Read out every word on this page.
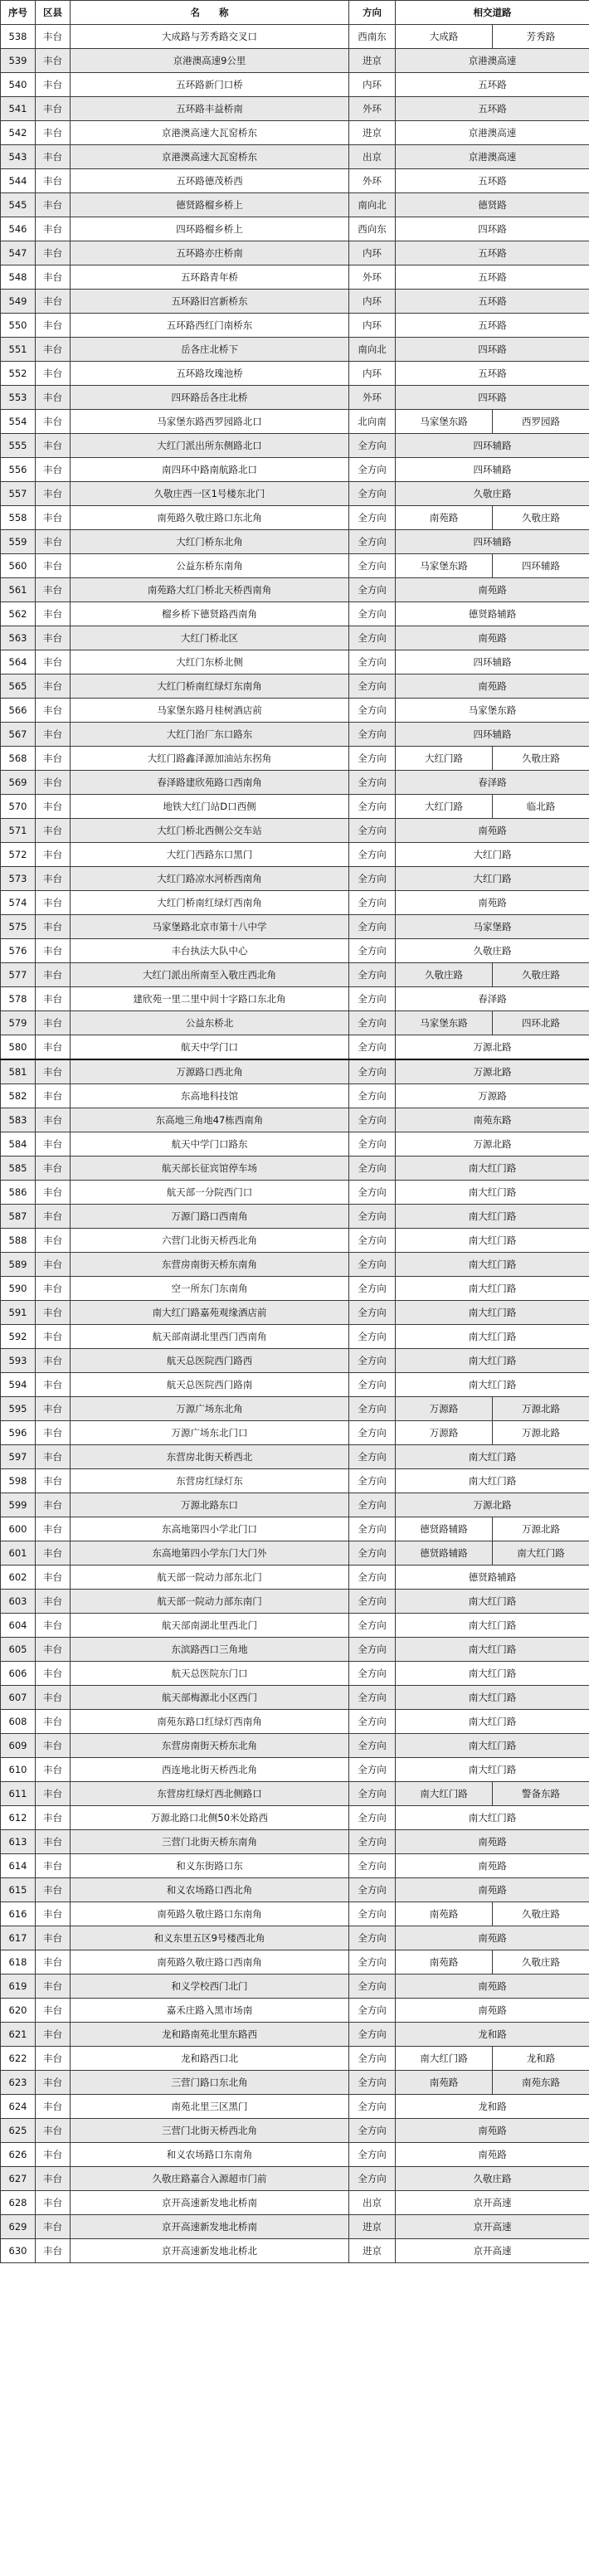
序号	区县	名　　称	方向	相交道路	
538	丰台	大成路与芳秀路交叉口	西南东	大成路	芳秀路
539	丰台	京港澳高速9公里	进京	京港澳高速	
540	丰台	五环路新门口桥	内环	五环路	
541	丰台	五环路丰益桥南	外环	五环路	
542	丰台	京港澳高速大瓦窑桥东	进京	京港澳高速	
543	丰台	京港澳高速大瓦窑桥东	出京	京港澳高速	
544	丰台	五环路德茂桥西	外环	五环路	
545	丰台	德贤路榴乡桥上	南向北	德贤路	
546	丰台	四环路榴乡桥上	西向东	四环路	
547	丰台	五环路亦庄桥南	内环	五环路	
548	丰台	五环路青年桥	外环	五环路	
549	丰台	五环路旧宫新桥东	内环	五环路	
550	丰台	五环路西红门南桥东	内环	五环路	
551	丰台	岳各庄北桥下	南向北	四环路	
552	丰台	五环路玫瑰池桥	内环	五环路	
553	丰台	四环路岳各庄北桥	外环	四环路	
554	丰台	马家堡东路西罗园路北口	北向南	马家堡东路	西罗园路
555	丰台	大红门派出所东侧路北口	全方向	四环辅路	
556	丰台	南四环中路南航路北口	全方向	四环辅路	
557	丰台	久敬庄西一区1号楼东北门	全方向	久敬庄路	
558	丰台	南苑路久敬庄路口东北角	全方向	南苑路	久敬庄路
559	丰台	大红门桥东北角	全方向	四环辅路	
560	丰台	公益东桥东南角	全方向	马家堡东路	四环辅路
561	丰台	南苑路大红门桥北天桥西南角	全方向	南苑路	
562	丰台	榴乡桥下德贤路西南角	全方向	德贤路辅路	
563	丰台	大红门桥北区	全方向	南苑路	
564	丰台	大红门东桥北侧	全方向	四环辅路	
565	丰台	大红门桥南红绿灯东南角	全方向	南苑路	
566	丰台	马家堡东路月桂树酒店前	全方向	马家堡东路	
567	丰台	大红门治厂东口路东	全方向	四环辅路	
568	丰台	大红门路鑫泽源加油站东拐角	全方向	大红门路	久敬庄路
569	丰台	春泽路建欣苑路口西南角	全方向	春泽路	
570	丰台	地铁大红门站D口西侧	全方向	大红门路	临北路
571	丰台	大红门桥北西侧公交车站	全方向	南苑路	
572	丰台	大红门西路东口黑门	全方向	大红门路	
573	丰台	大红门路凉水河桥西南角	全方向	大红门路	
574	丰台	大红门桥南红绿灯西南角	全方向	南苑路	
575	丰台	马家堡路北京市第十八中学	全方向	马家堡路	
576	丰台	丰台执法大队中心	全方向	久敬庄路	
577	丰台	大红门派出所南至入敬庄西北角	全方向	久敬庄路	久敬庄路
578	丰台	建欣苑一里二里中间十字路口东北角	全方向	春泽路	
579	丰台	公益东桥北	全方向	马家堡东路	四环北路
580	丰台	航天中学门口	全方向	万源北路	
581	丰台	万源路口西北角	全方向	万源北路	
582	丰台	东高地科技馆	全方向	万源路	
583	丰台	东高地三角地47栋西南角	全方向	南苑东路	
584	丰台	航天中学门口路东	全方向	万源北路	
585	丰台	航天部长征宾馆停车场	全方向	南大红门路	
586	丰台	航天部一分院西门口	全方向	南大红门路	
587	丰台	万源门路口西南角	全方向	南大红门路	
588	丰台	六营门北街天桥西北角	全方向	南大红门路	
589	丰台	东营房南街天桥东南角	全方向	南大红门路	
590	丰台	空一所东门东南角	全方向	南大红门路	
591	丰台	南大红门路嘉苑观缘酒店前	全方向	南大红门路	
592	丰台	航天部南湖北里西门西南角	全方向	南大红门路	
593	丰台	航天总医院西门路西	全方向	南大红门路	
594	丰台	航天总医院西门路南	全方向	南大红门路	
595	丰台	万源广场东北角	全方向	万源路	万源北路
596	丰台	万源广场东北门口	全方向	万源路	万源北路
597	丰台	东营房北街天桥西北	全方向	南大红门路	
598	丰台	东营房红绿灯东	全方向	南大红门路	
599	丰台	万源北路东口	全方向	万源北路	
600	丰台	东高地第四小学北门口	全方向	德贤路辅路	万源北路
601	丰台	东高地第四小学东门大门外	全方向	德贤路辅路	南大红门路
602	丰台	航天部一院动力部东北门	全方向	德贤路辅路	
603	丰台	航天部一院动力部东南门	全方向	南大红门路	
604	丰台	航天部南湖北里西北门	全方向	南大红门路	
605	丰台	东滨路西口三角地	全方向	南大红门路	
606	丰台	航天总医院东门口	全方向	南大红门路	
607	丰台	航天部梅源北小区西门	全方向	南大红门路	
608	丰台	南苑东路口红绿灯西南角	全方向	南大红门路	
609	丰台	东营房南街天桥东北角	全方向	南大红门路	
610	丰台	西连地北街天桥西北角	全方向	南大红门路	
611	丰台	东营房红绿灯西北侧路口	全方向	南大红门路	警备东路
612	丰台	万源北路口北侧50米处路西	全方向	南大红门路	
613	丰台	三营门北街天桥东南角	全方向	南苑路	
614	丰台	和义东街路口东	全方向	南苑路	
615	丰台	和义农场路口西北角	全方向	南苑路	
616	丰台	南苑路久敬庄路口东南角	全方向	南苑路	久敬庄路
617	丰台	和义东里五区9号楼西北角	全方向	南苑路	
618	丰台	南苑路久敬庄路口西南角	全方向	南苑路	久敬庄路
619	丰台	和义学校西门北门	全方向	南苑路	
620	丰台	嘉禾庄路入黑市场南	全方向	南苑路	
621	丰台	龙和路南苑北里东路西	全方向	龙和路	
622	丰台	龙和路西口北	全方向	南大红门路	龙和路
623	丰台	三营门路口东北角	全方向	南苑路	南苑东路
624	丰台	南苑北里三区黑门	全方向	龙和路	
625	丰台	三营门北街天桥西北角	全方向	南苑路	
626	丰台	和义农场路口东南角	全方向	南苑路	
627	丰台	久敬庄路嘉合入源超市门前	全方向	久敬庄路	
628	丰台	京开高速新发地北桥南	出京	京开高速	
629	丰台	京开高速新发地北桥南	进京	京开高速	
630	丰台	京开高速新发地北桥北	进京	京开高速	
